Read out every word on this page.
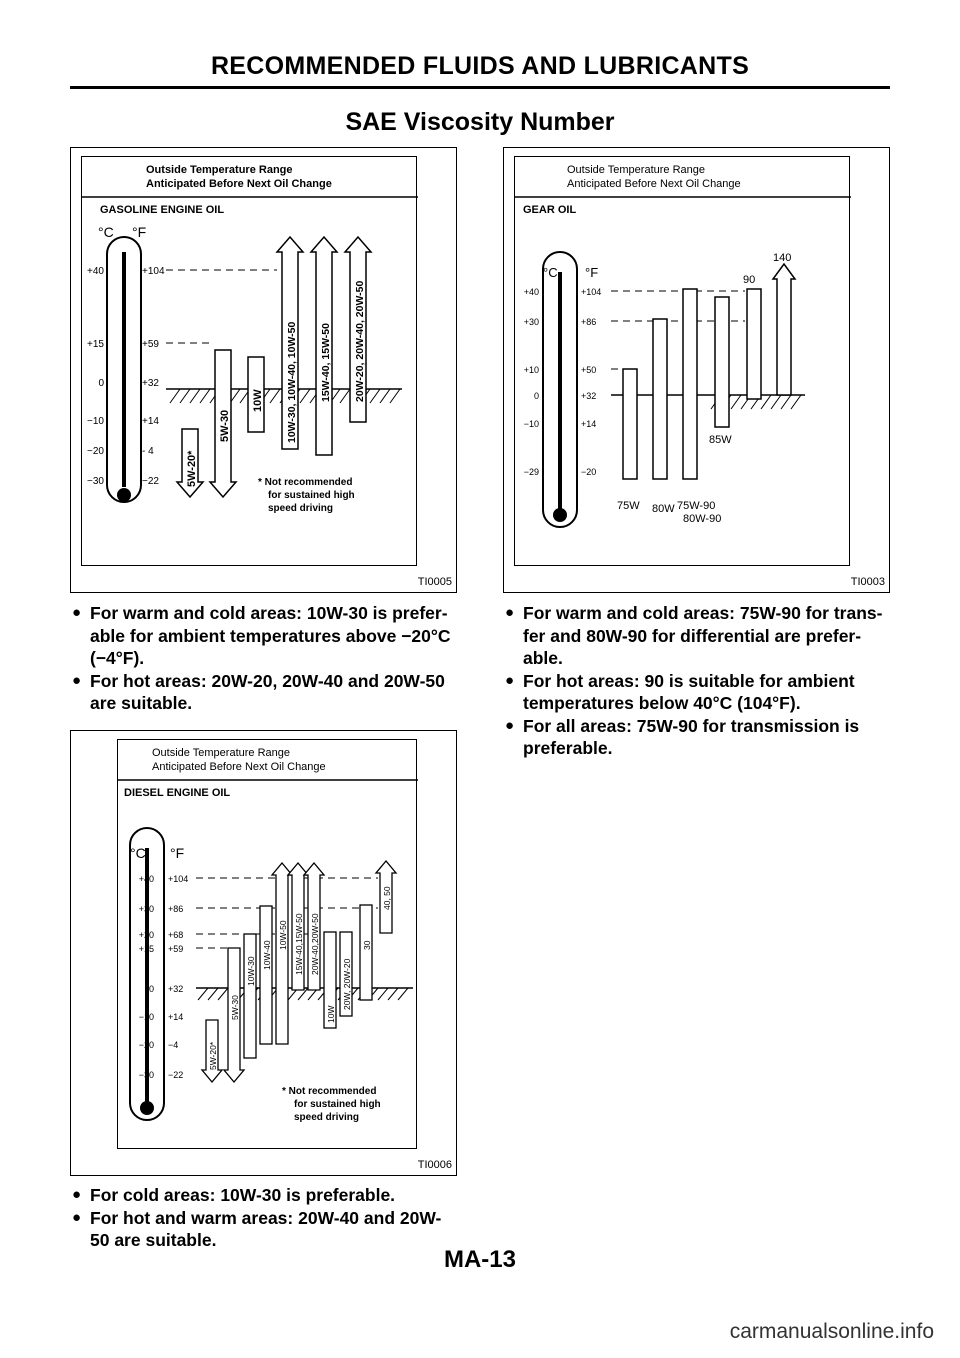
RECOMMENDED FLUIDS AND LUBRICANTS
SAE Viscosity Number
Outside Temperature Range
Anticipated Before Next Oil Change
GASOLINE ENGINE OIL
°C °F
+40
+15
0
−10
−20
−30
+104
+59
+32
+14
- 4
−22 5W-20*
5W-30
10W 10W-30, 10W-40, 10W-50 15W-40, 15W-50 20W-20, 20W-40, 20W-50
* Not recommended
for sustained high
speed driving
TI0005
Outside Temperature Range
Anticipated Before Next Oil Change
GEAR OIL
°C °F
+40
+30
+10
0
−10
−29
+104
+86
+50
+32
+14
−20
75W 80W 75W-90
80W-90
85W
90
140
TI0003
● For warm and cold areas: 10W-30 is prefer-able for ambient temperatures above −20°C (−4°F).
● For hot areas: 20W-20, 20W-40 and 20W-50 are suitable.
● For warm and cold areas: 75W-90 for trans-fer and 80W-90 for differential are prefer-able.
● For hot areas: 90 is suitable for ambient temperatures below 40°C (104°F).
● For all areas: 75W-90 for transmission is preferable.
Outside Temperature Range
Anticipated Before Next Oil Change
DIESEL ENGINE OIL
°C °F
+40
+30
+20
+15
0
−10
−20
−30
+104
+86
+68
+59
+32
+14
−4
−22
5W-20*
5W-30
10W-30
10W-40
10W-50 15W-40,15W-50 20W-40,20W-50
10W
20W, 20W-20
30
40, 50
* Not recommended
for sustained high
speed driving
TI0006
● For cold areas: 10W-30 is preferable.
● For hot and warm areas: 20W-40 and 20W-50 are suitable.
MA-13
carmanualsonline.info
